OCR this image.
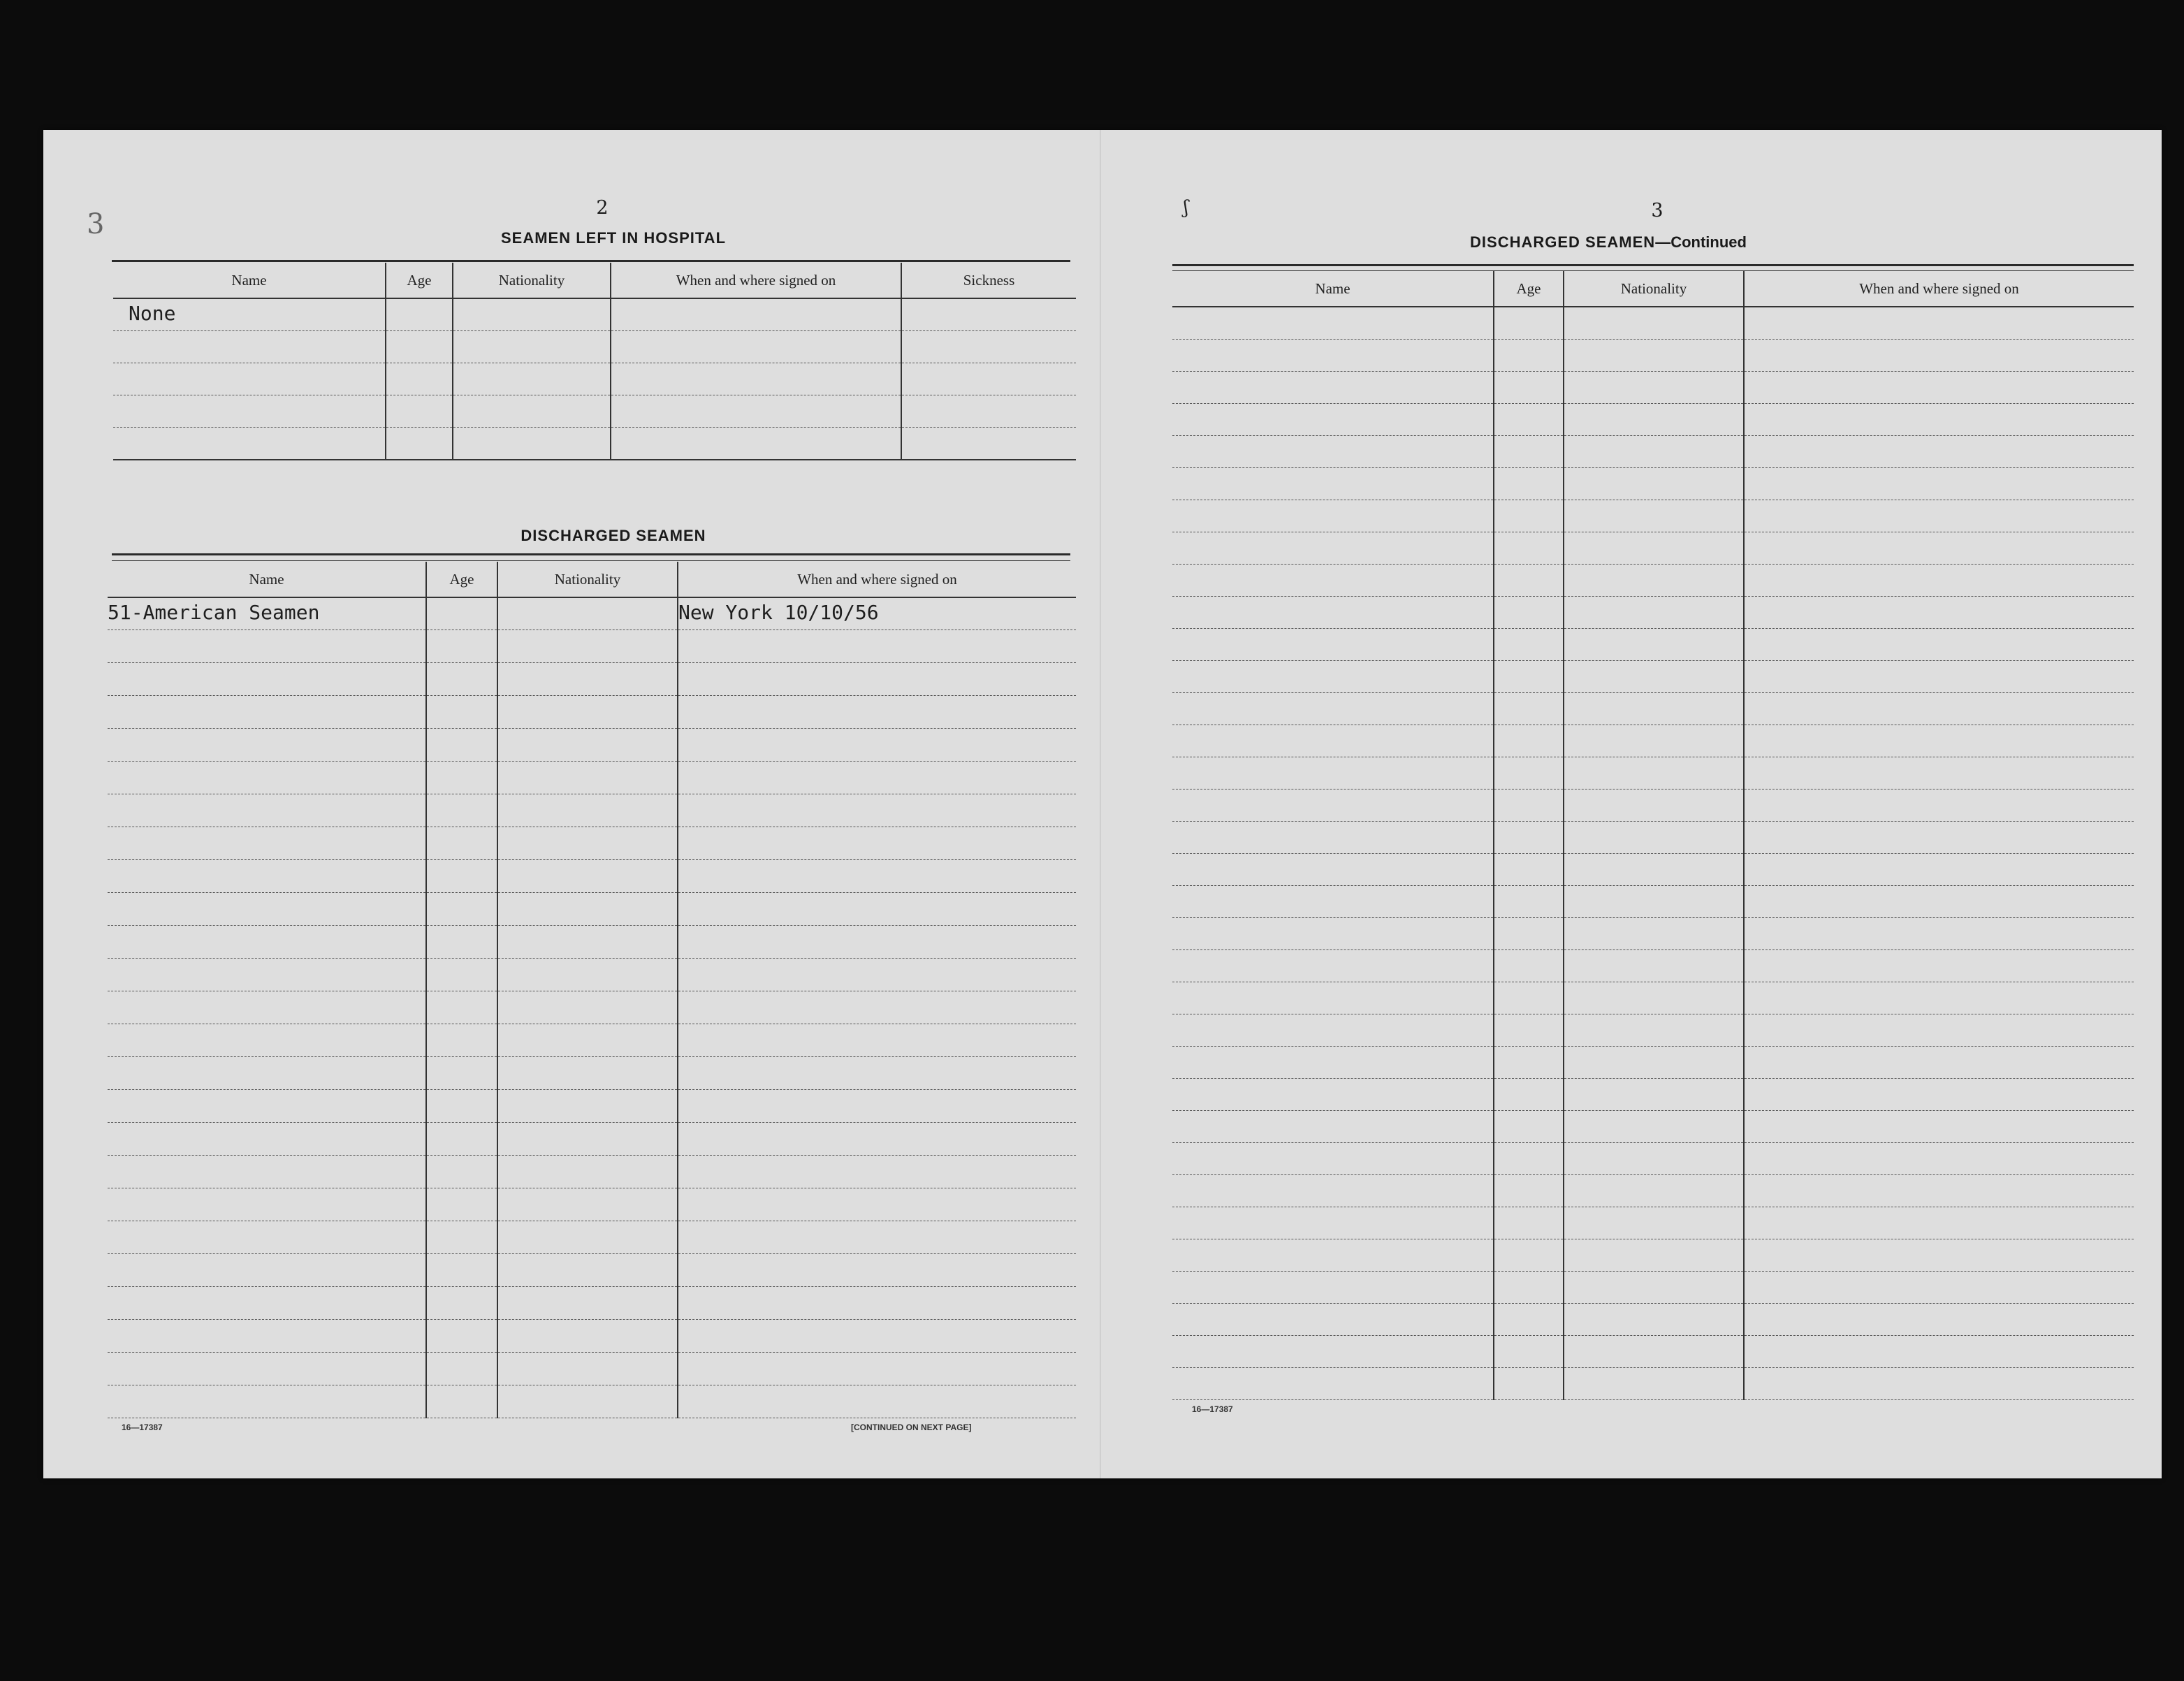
3
2
SEAMEN LEFT IN HOSPITAL
Name	Age	Nationality	When and where signed on	Sickness

None				

DISCHARGED SEAMEN
Name	Age	Nationality	When and where signed on

51-American Seamen			New York 10/10/56

16—17387	[CONTINUED ON NEXT PAGE]
ʃ	3
DISCHARGED SEAMEN—Continued
Name	Age	Nationality	When and where signed on

16—17387
